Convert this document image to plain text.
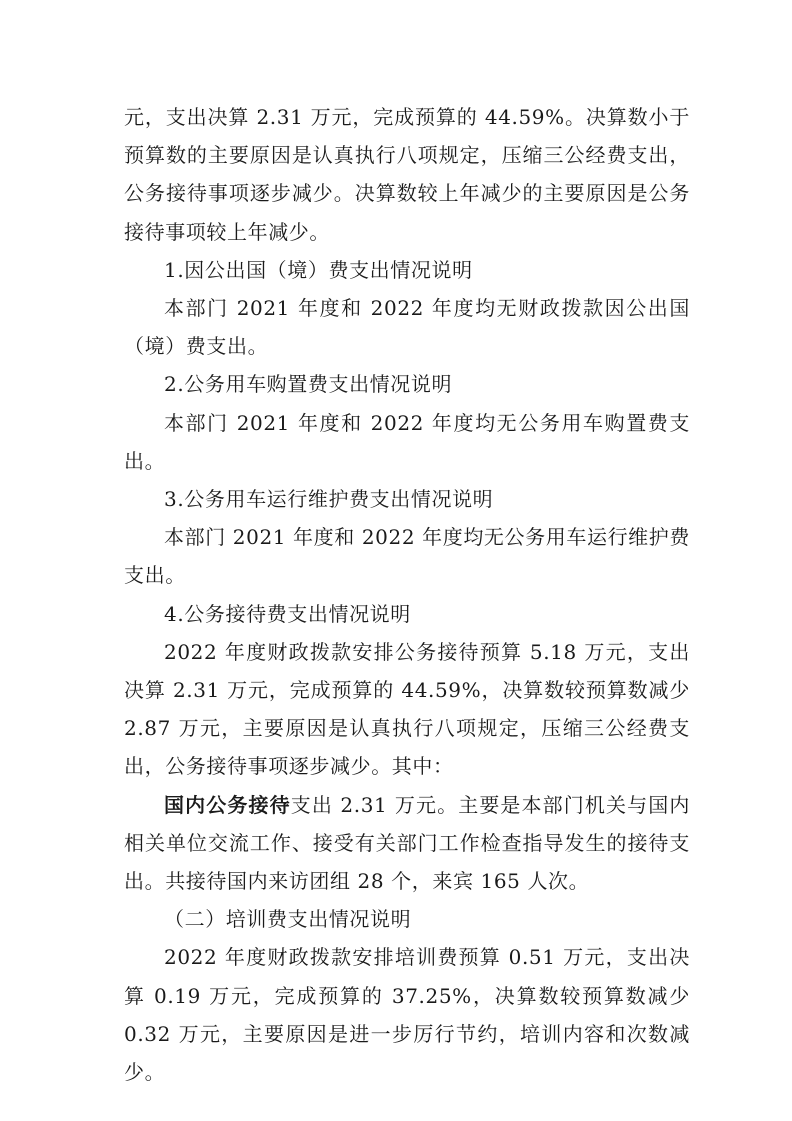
元，支出决算 2.31 万元，完成预算的 44.59%。决算数小于预算数的主要原因是认真执行八项规定，压缩三公经费支出，公务接待事项逐步减少。决算数较上年减少的主要原因是公务接待事项较上年减少。

1.因公出国（境）费支出情况说明

本部门 2021 年度和 2022 年度均无财政拨款因公出国（境）费支出。

2.公务用车购置费支出情况说明

本部门 2021 年度和 2022 年度均无公务用车购置费支出。

3.公务用车运行维护费支出情况说明

本部门 2021 年度和 2022 年度均无公务用车运行维护费支出。

4.公务接待费支出情况说明

2022 年度财政拨款安排公务接待预算 5.18 万元，支出决算 2.31 万元，完成预算的 44.59%，决算数较预算数减少 2.87 万元，主要原因是认真执行八项规定，压缩三公经费支出，公务接待事项逐步减少。其中：

国内公务接待支出 2.31 万元。主要是本部门机关与国内相关单位交流工作、接受有关部门工作检查指导发生的接待支出。共接待国内来访团组 28 个，来宾 165 人次。

（二）培训费支出情况说明

2022 年度财政拨款安排培训费预算 0.51 万元，支出决算 0.19 万元，完成预算的 37.25%，决算数较预算数减少 0.32 万元，主要原因是进一步厉行节约，培训内容和次数减少。
